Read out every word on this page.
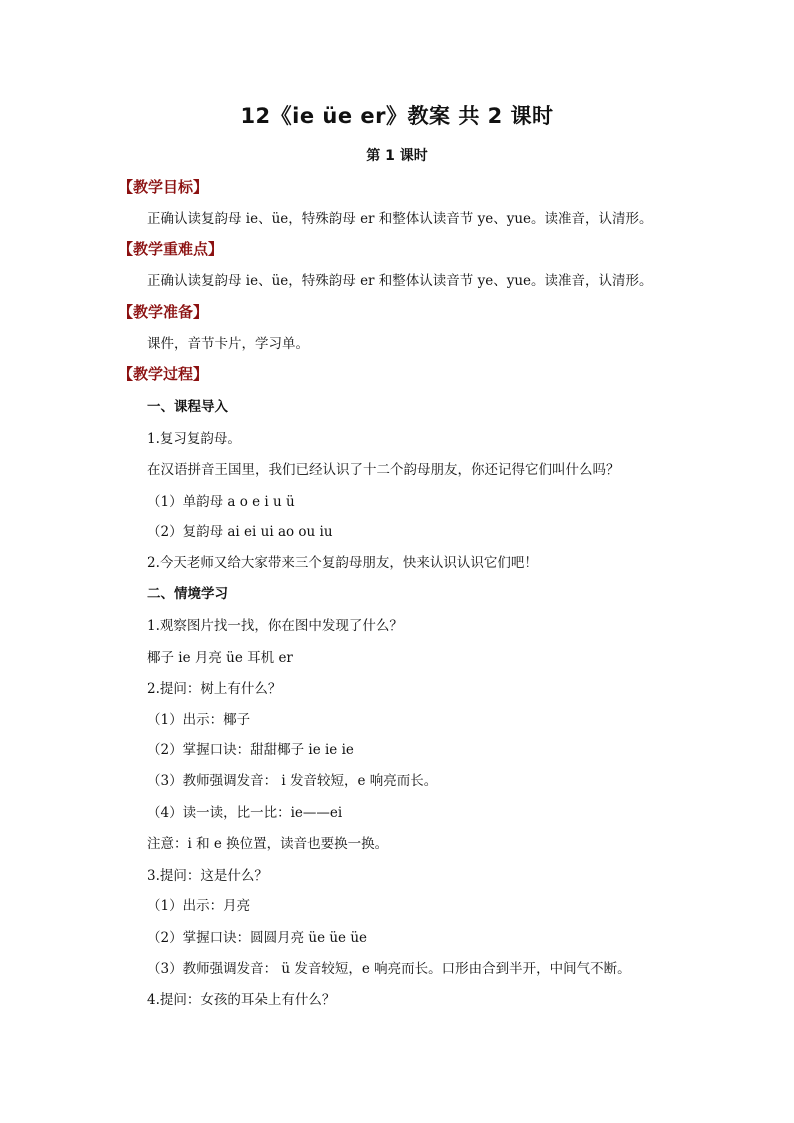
12《ie üe er》教案 共 2 课时
第 1 课时
【教学目标】
正确认读复韵母 ie、üe，特殊韵母 er 和整体认读音节 ye、yue。读准音，认清形。
【教学重难点】
正确认读复韵母 ie、üe，特殊韵母 er 和整体认读音节 ye、yue。读准音，认清形。
【教学准备】
课件，音节卡片，学习单。
【教学过程】
一、课程导入
1.复习复韵母。
在汉语拼音王国里，我们已经认识了十二个韵母朋友，你还记得它们叫什么吗？
（1）单韵母 a o e i u ü
（2）复韵母 ai ei ui ao ou iu
2.今天老师又给大家带来三个复韵母朋友，快来认识认识它们吧！
二、情境学习
1.观察图片找一找，你在图中发现了什么？
椰子 ie 月亮 üe 耳机 er
2.提问：树上有什么？
（1）出示：椰子
（2）掌握口诀：甜甜椰子 ie ie ie
（3）教师强调发音： i 发音较短，e 响亮而长。
（4）读一读，比一比：ie——ei
注意：i 和 e 换位置，读音也要换一换。
3.提问：这是什么？
（1）出示：月亮
（2）掌握口诀：圆圆月亮 üe üe üe
（3）教师强调发音： ü 发音较短，e 响亮而长。口形由合到半开，中间气不断。
4.提问：女孩的耳朵上有什么？
